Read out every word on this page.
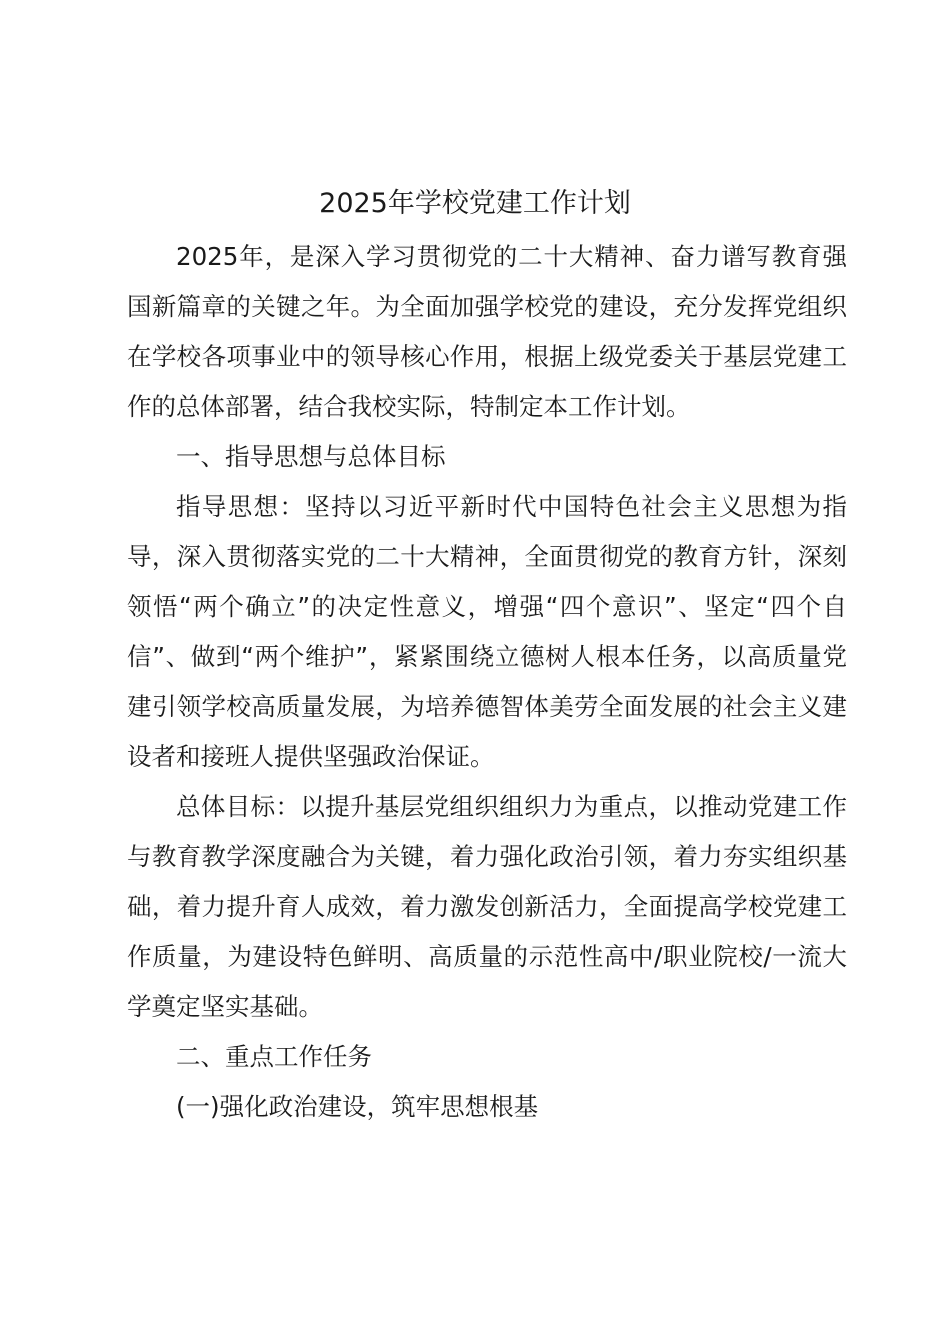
2025年学校党建工作计划

2025年，是深入学习贯彻党的二十大精神、奋力谱写教育强国新篇章的关键之年。为全面加强学校党的建设，充分发挥党组织在学校各项事业中的领导核心作用，根据上级党委关于基层党建工作的总体部署，结合我校实际，特制定本工作计划。

一、指导思想与总体目标

指导思想：坚持以习近平新时代中国特色社会主义思想为指导，深入贯彻落实党的二十大精神，全面贯彻党的教育方针，深刻领悟“两个确立”的决定性意义，增强“四个意识”、坚定“四个自信”、做到“两个维护”，紧紧围绕立德树人根本任务，以高质量党建引领学校高质量发展，为培养德智体美劳全面发展的社会主义建设者和接班人提供坚强政治保证。

总体目标：以提升基层党组织组织力为重点，以推动党建工作与教育教学深度融合为关键，着力强化政治引领，着力夯实组织基础，着力提升育人成效，着力激发创新活力，全面提高学校党建工作质量，为建设特色鲜明、高质量的示范性高中/职业院校/一流大学奠定坚实基础。

二、重点工作任务

(一)强化政治建设，筑牢思想根基
